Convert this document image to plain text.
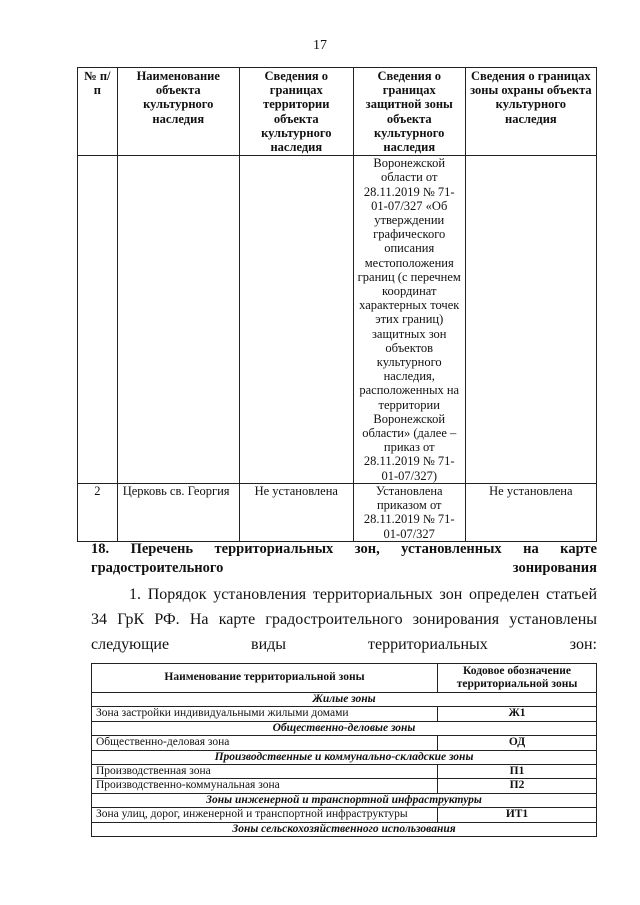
17
№ п/п	Наименование объекта культурного наследия	Сведения о границах территории объекта культурного наследия	Сведения о границах защитной зоны объекта культурного наследия	Сведения о границах зоны охраны объекта культурного наследия
			Воронежской области от 28.11.2019 № 71-01-07/327 «Об утверждении графического описания местоположения границ (с перечнем координат характерных точек этих границ) защитных зон объектов культурного наследия, расположенных на территории Воронежской области» (далее – приказ от 28.11.2019 № 71-01-07/327)	
2	Церковь св. Георгия	Не установлена	Установлена приказом от 28.11.2019 № 71-01-07/327	Не установлена
18. Перечень территориальных зон, установленных на карте градостроительного зонирования
1. Порядок установления территориальных зон определен статьей 34 ГрК РФ. На карте градостроительного зонирования установлены следующие виды территориальных зон:
Наименование территориальной зоны	Кодовое обозначение территориальной зоны
Жилые зоны	
Зона застройки индивидуальными жилыми домами	Ж1
Общественно-деловые зоны	
Общественно-деловая зона	ОД
Производственные и коммунально-складские зоны	
Производственная зона	П1
Производственно-коммунальная зона	П2
Зоны инженерной и транспортной инфраструктуры	
Зона улиц, дорог, инженерной и транспортной инфраструктуры	ИТ1
Зоны сельскохозяйственного использования	
